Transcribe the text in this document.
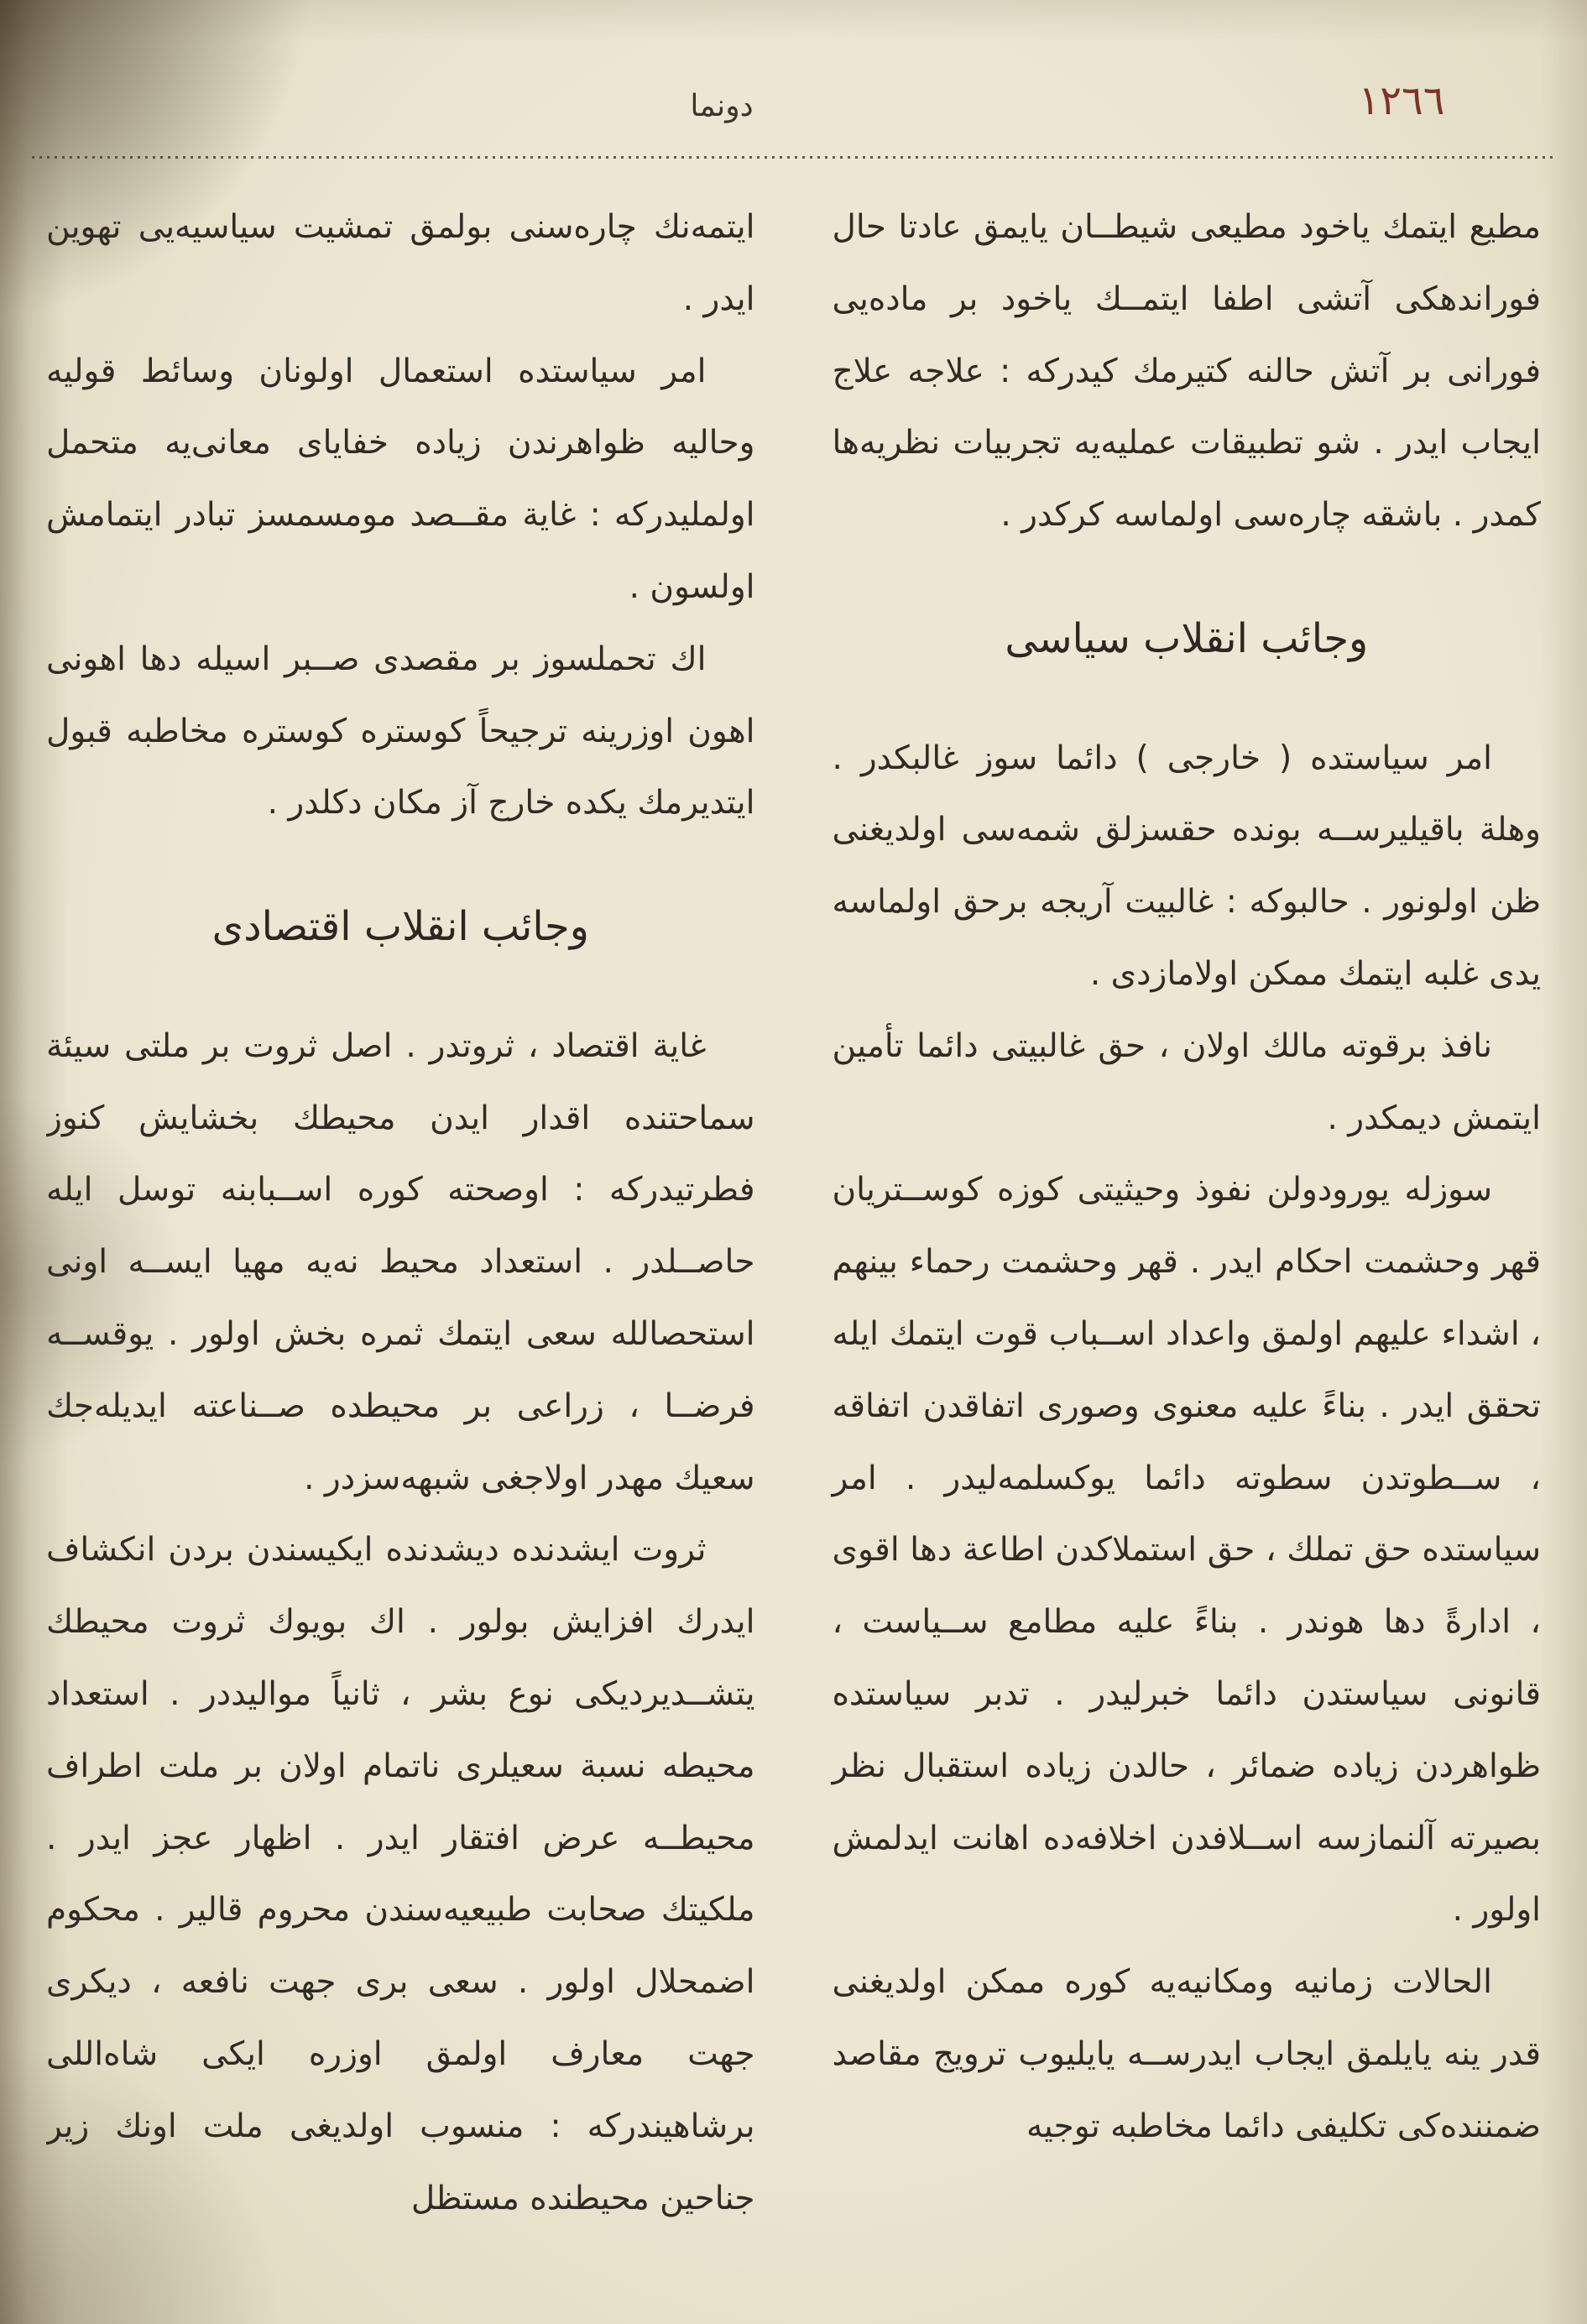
دونما	١٢٦٦

مطيع ايتمك ياخود مطيعى شيطــان يايمق عادتا حال فوراندهكى آتشى اطفا ايتمــك ياخود بر ماده‌يى فورانى بر آتش حالنه كتيرمك كيدركه : علاجه علاج ايجاب ايدر . شو تطبيقات عمليه‌يه تجربيات نظريه‌ها كمدر . باشقه چاره‌سى اولماسه كركدر .

وجائب انقلاب سياسى

امر سياستده ( خارجى ) دائما سوز غالبكدر . وهلة باقيليرســه بونده حقسزلق شمه‌سى اولديغنى ظن اولونور . حالبوكه : غالبيت آريجه برحق اولماسه يدى غلبه ايتمك ممكن اولامازدى .

نافذ برقوته مالك اولان ، حق غالبيتى دائما تأمين ايتمش ديمكدر .

سوزله يورودولن نفوذ وحيثيتى كوزه كوســتريان قهر وحشمت احكام ايدر . قهر وحشمت رحماء بينهم ، اشداء عليهم اولمق واعداد اســباب قوت ايتمك ايله تحقق ايدر . بناءً عليه معنوى وصورى اتفاقدن اتفاقه ، ســطوتدن سطوته دائما يوكسلمه‌ليدر . امر سياستده حق تملك ، حق استملاكدن اطاعة دها اقوى ، ادارةً دها هوندر . بناءً عليه مطامع ســياست ، قانونى سياستدن دائما خبرليدر . تدبر سياستده ظواهردن زياده ضمائر ، حالدن زياده استقبال نظر بصيرته آلنمازسه اســلافدن اخلافه‌ده اهانت ايدلمش اولور .

الحالات زمانيه ومكانيه‌يه كوره ممكن اولديغنى قدر ينه يايلمق ايجاب ايدرســه يايليوب ترويج مقاصد ضمننده‌كى تكليفى دائما مخاطبه توجيه

ايتمه‌نك چاره‌سنى بولمق تمشيت سياسيه‌يى تهوين ايدر .

امر سياستده استعمال اولونان وسائط قوليه وحاليه ظواهرندن زياده خفاياى معانى‌يه متحمل اولمليدركه : غاية مقــصد مومسمسز تبادر ايتمامش اولسون .

اك تحملسوز بر مقصدى صــبر اسيله دها اهونى اهون اوزرينه ترجيحاً كوستره كوستره مخاطبه قبول ايتديرمك يكده خارج آز مكان دكلدر .

وجائب انقلاب اقتصادى

غاية اقتصاد ، ثروتدر . اصل ثروت بر ملتى سيئة سماحتنده اقدار ايدن محيطك بخشايش كنوز فطرتيدركه : اوصحته كوره اســبابنه توسل ايله حاصــلدر . استعداد محيط نه‌يه مهيا ايســه اونى استحصالله سعى ايتمك ثمره بخش اولور . يوقســه فرضــا ، زراعى بر محيطده صــناعته ايديله‌جك سعيك مهدر اولاجغى شبهه‌سزدر .

ثروت ايشدنده ديشدنده ايكيسندن بردن انكشاف ايدرك افزايش بولور . اك بويوك ثروت محيطك يتشــديرديكى نوع بشر ، ثانياً مواليددر . استعداد محيطه نسبة سعيلرى ناتمام اولان بر ملت اطراف محيطــه عرض افتقار ايدر . اظهار عجز ايدر . ملكيتك صحابت طبيعيه‌سندن محروم قالير . محكوم اضمحلال اولور . سعى برى جهت نافعه ، ديكرى جهت معارف اولمق اوزره ايكى شاه‌اللى برشاهيندركه : منسوب اولديغى ملت اونك زير جناحين محيطنده مستظل
